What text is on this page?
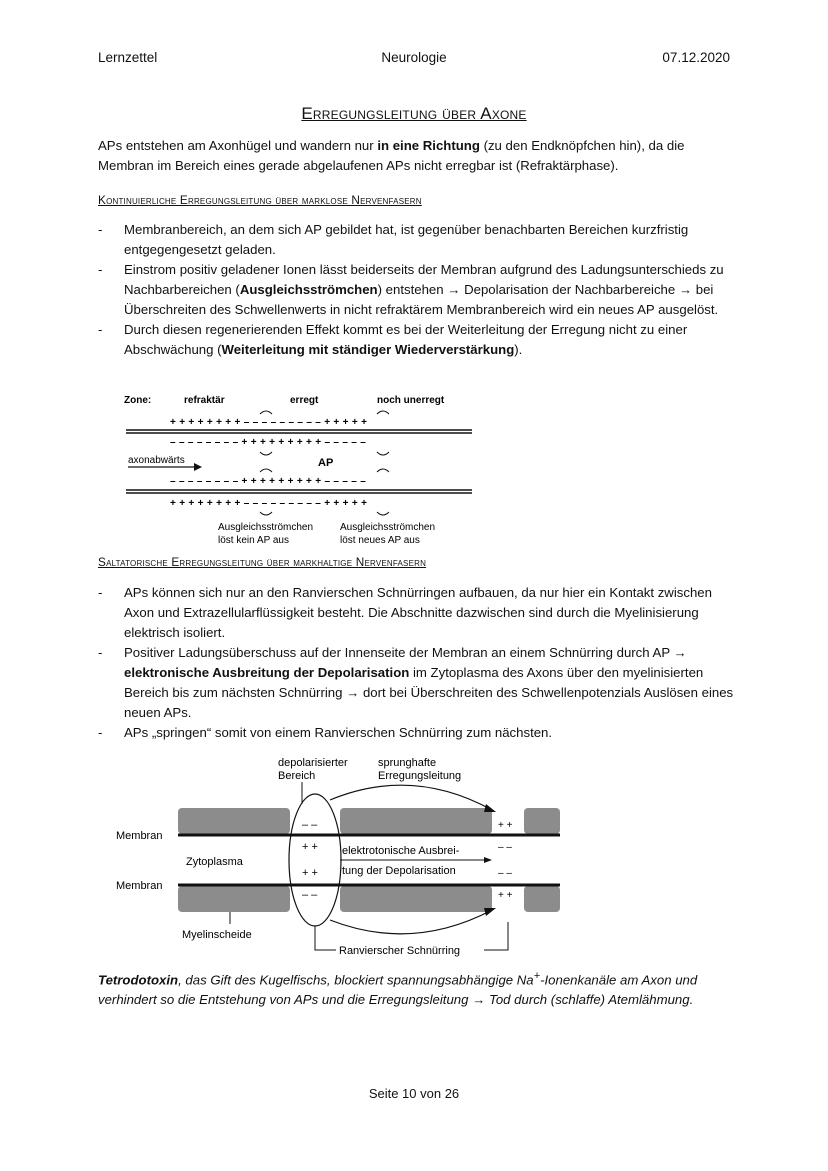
Lernzettel	Neurologie	07.12.2020
Erregungsleitung über Axone
APs entstehen am Axonhügel und wandern nur in eine Richtung (zu den Endknöpfchen hin), da die Membran im Bereich eines gerade abgelaufenen APs nicht erregbar ist (Refraktärphase).
Kontinuierliche Erregungsleitung über marklose Nervenfasern
- Membranbereich, an dem sich AP gebildet hat, ist gegenüber benachbarten Bereichen kurzfristig entgegengesetzt geladen.
- Einstrom positiv geladener Ionen lässt beiderseits der Membran aufgrund des Ladungsunterschieds zu Nachbarbereichen (Ausgleichsströmchen) entstehen → Depolarisation der Nachbarbereiche → bei Überschreiten des Schwellenwerts in nicht refraktärem Membranbereich wird ein neues AP ausgelöst.
- Durch diesen regenerierenden Effekt kommt es bei der Weiterleitung der Erregung nicht zu einer Abschwächung (Weiterleitung mit ständiger Wiederverstärkung).
Zone:	refraktär	erregt	noch unerregt
+ + + + + + + + – – – – – – – – – + + + + +
– – – – – – – – + + + + + + + + + – – – – –
axonabwärts	AP
– – – – – – – – + + + + + + + + + – – – – –
+ + + + + + + + – – – – – – – – – + + + + +
Ausgleichsströmchen
löst kein AP aus
Ausgleichsströmchen
löst neues AP aus
Saltatorische Erregungsleitung über markhaltige Nervenfasern
- APs können sich nur an den Ranvierschen Schnürringen aufbauen, da nur hier ein Kontakt zwischen Axon und Extrazellularflüssigkeit besteht. Die Abschnitte dazwischen sind durch die Myelinisierung elektrisch isoliert.
- Positiver Ladungsüberschuss auf der Innenseite der Membran an einem Schnürring durch AP → elektronische Ausbreitung der Depolarisation im Zytoplasma des Axons über den myelinisierten Bereich bis zum nächsten Schnürring → dort bei Überschreiten des Schwellenpotenzials Auslösen eines neuen APs.
- APs „springen“ somit von einem Ranvierschen Schnürring zum nächsten.
depolarisierter
Bereich
sprunghafte
Erregungsleitung
Membran
Membran
Zytoplasma
– –
+ +
+ +
– –
+ +
– –
– –
+ +
elektrotonische Ausbrei-
tung der Depolarisation
Myelinscheide
Ranvierscher Schnürring
Tetrodotoxin, das Gift des Kugelfischs, blockiert spannungsabhängige Na+-Ionenkanäle am Axon und verhindert so die Entstehung von APs und die Erregungsleitung → Tod durch (schlaffe) Atemlähmung.
Seite 10 von 26
